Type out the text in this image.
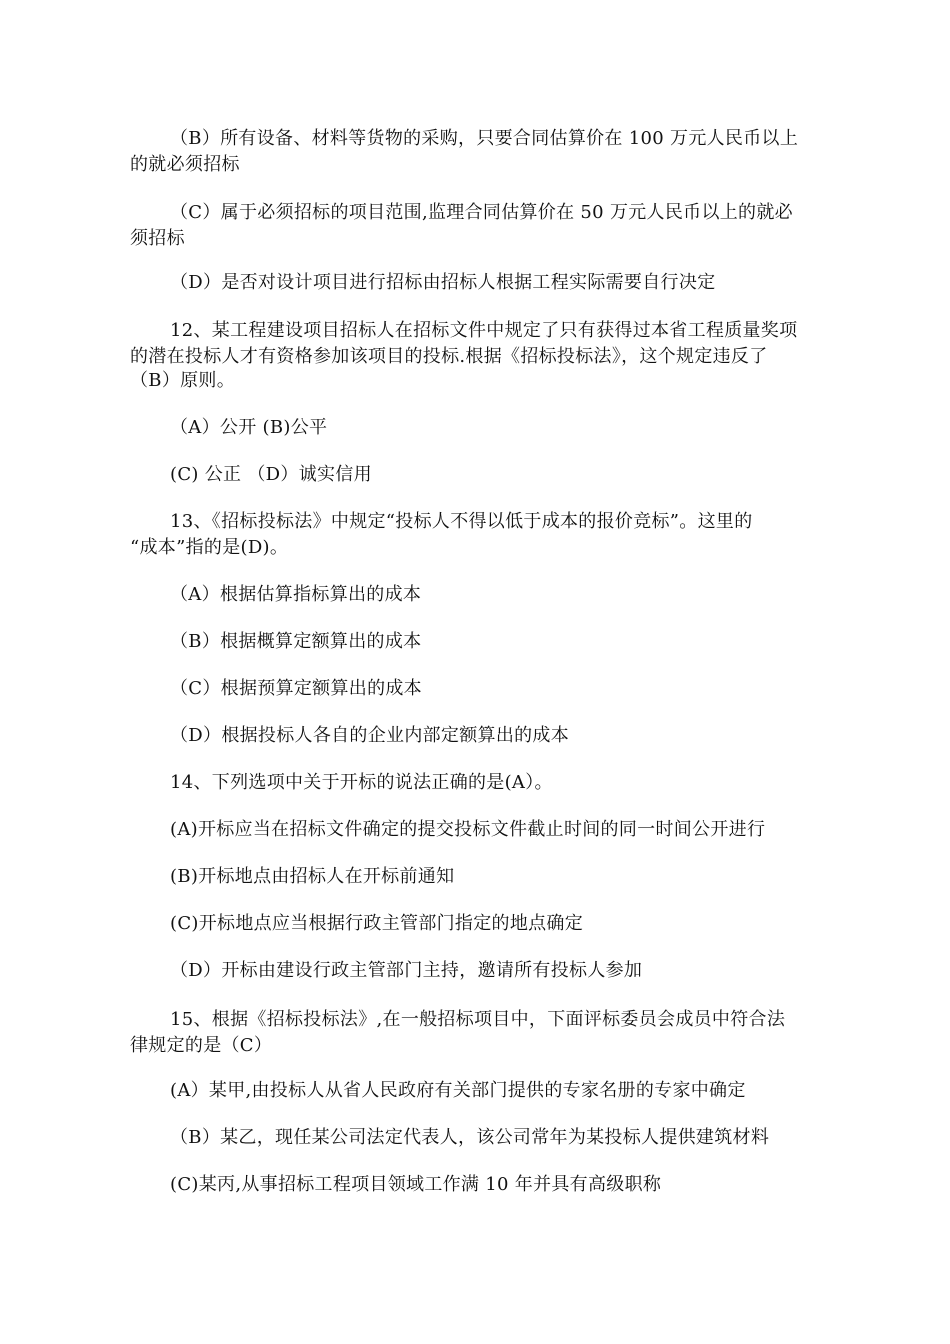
（B）所有设备、材料等货物的采购，只要合同估算价在 100 万元人民币以上
的就必须招标
（C）属于必须招标的项目范围,监理合同估算价在 50 万元人民币以上的就必
须招标
（D）是否对设计项目进行招标由招标人根据工程实际需要自行决定
12、某工程建设项目招标人在招标文件中规定了只有获得过本省工程质量奖项
的潜在投标人才有资格参加该项目的投标.根据《招标投标法》，这个规定违反了
（B）原则。
（A）公开 (B)公平
(C) 公正 （D）诚实信用
13、《招标投标法》中规定“投标人不得以低于成本的报价竞标”。这里的
“成本”指的是(D)。
（A）根据估算指标算出的成本
（B）根据概算定额算出的成本
（C）根据预算定额算出的成本
（D）根据投标人各自的企业内部定额算出的成本
14、下列选项中关于开标的说法正确的是(A）。
(A)开标应当在招标文件确定的提交投标文件截止时间的同一时间公开进行
(B)开标地点由招标人在开标前通知
(C)开标地点应当根据行政主管部门指定的地点确定
（D）开标由建设行政主管部门主持，邀请所有投标人参加
15、根据《招标投标法》,在一般招标项目中，下面评标委员会成员中符合法
律规定的是（C）
(A）某甲,由投标人从省人民政府有关部门提供的专家名册的专家中确定
（B）某乙，现任某公司法定代表人，该公司常年为某投标人提供建筑材料
(C)某丙,从事招标工程项目领域工作满 10 年并具有高级职称
